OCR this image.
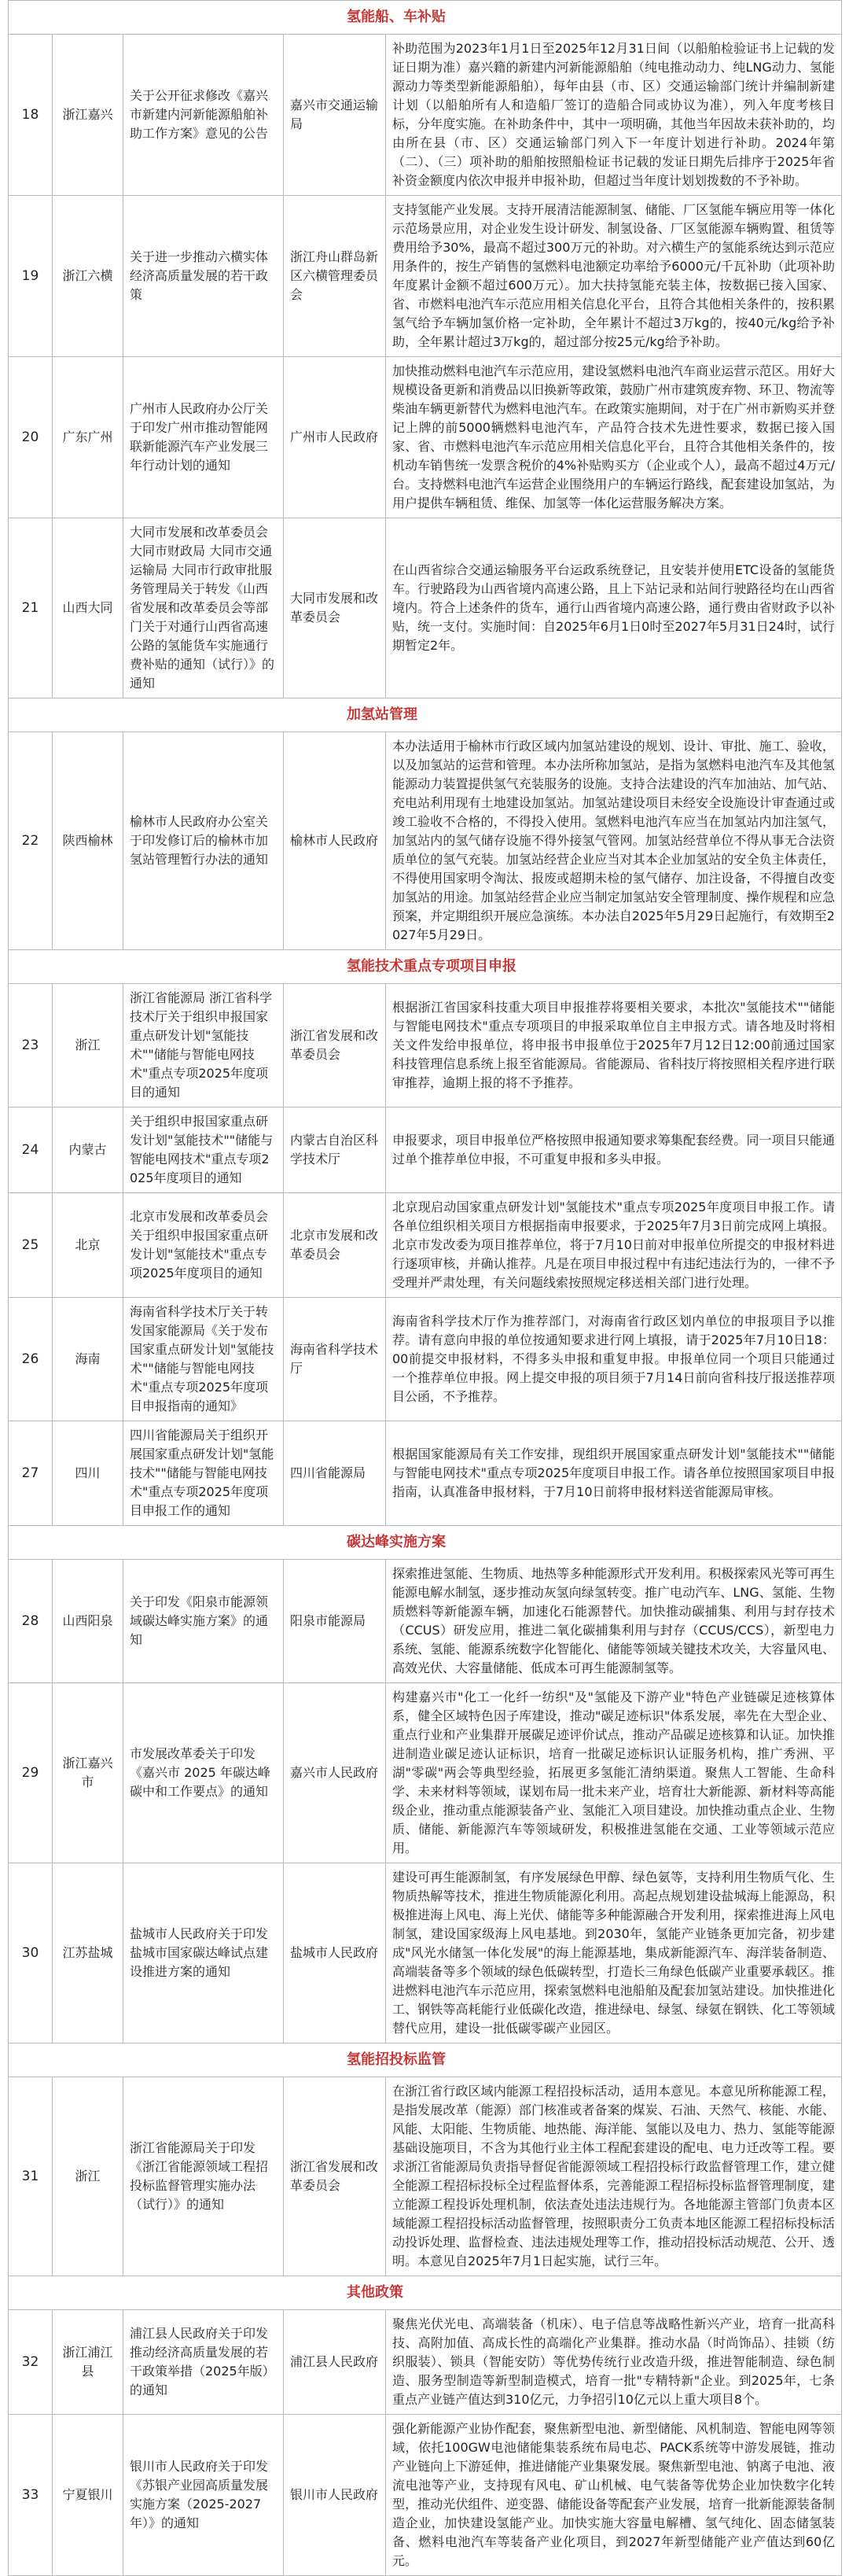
氢能船、车补贴				

18	浙江嘉兴	关于公开征求修改《嘉兴市新建内河新能源船舶补助工作方案》意见的公告	嘉兴市交通运输局	补助范围为2023年1月1日至2025年12月31日间（以船舶检验证书上记载的发证日期为准）嘉兴籍的新建内河新能源船舶（纯电推动动力、纯LNG动力、氢能源动力等类型新能源船舶），每年由县（市、区）交通运输部门统计并编制新建计划（以船舶所有人和造船厂签订的造船合同或协议为准），列入年度考核目标，分年度实施。在补助条件中，其中一项明确，其他当年因故未获补助的，均由所在县（市、区）交通运输部门列入下一年度计划进行补助。2024年第（二）、（三）项补助的船舶按照船检证书记载的发证日期先后排序于2025年省补资金额度内依次申报并申报补助，但超过当年度计划划拨数的不予补助。
19	浙江六横	关于进一步推动六横实体经济高质量发展的若干政策	浙江舟山群岛新区六横管理委员会	支持氢能产业发展。支持开展清洁能源制氢、储能、厂区氢能车辆应用等一体化示范场景应用，对企业发生设计研发、制氢设备、厂区氢能源车辆购置、租赁等费用给予30%，最高不超过300万元的补助。对六横生产的氢能系统达到示范应用条件的，按生产销售的氢燃料电池额定功率给予6000元/千瓦补助（此项补助年度累计金额不超过600万元）。加大扶持氢能充装主体，按数据已接入国家、省、市燃料电池汽车示范应用相关信息化平台，且符合其他相关条件的，按积累氢气给予车辆加氢价格一定补助，全年累计不超过3万kg的，按40元/kg给予补助，全年累计超过3万kg的，超过部分按25元/kg给予补助。
20	广东广州	广州市人民政府办公厅关于印发广州市推动智能网联新能源汽车产业发展三年行动计划的通知	广州市人民政府	加快推动燃料电池汽车示范应用，建设氢燃料电池汽车商业运营示范区。用好大规模设备更新和消费品以旧换新等政策，鼓励广州市建筑废弃物、环卫、物流等柴油车辆更新替代为燃料电池汽车。在政策实施期间，对于在广州市新购买并登记上牌的前5000辆燃料电池汽车，产品符合技术先进性要求，数据已接入国家、省、市燃料电池汽车示范应用相关信息化平台，且符合其他相关条件的，按机动车销售统一发票含税价的4%补贴购买方（企业或个人），最高不超过4万元/台。支持燃料电池汽车运营企业围绕用户的车辆运行路线，配套建设加氢站，为用户提供车辆租赁、维保、加氢等一体化运营服务解决方案。
21	山西大同	大同市发展和改革委员会 大同市财政局 大同市交通运输局 大同市行政审批服务管理局关于转发《山西省发展和改革委员会等部门关于对通行山西省高速公路的氢能货车实施通行费补贴的通知（试行）》的通知	大同市发展和改革委员会	在山西省综合交通运输服务平台运政系统登记，且安装并使用ETC设备的氢能货车。行驶路段为山西省境内高速公路，且上下站记录和站间行驶路径均在山西省境内。符合上述条件的货车，通行山西省境内高速公路，通行费由省财政予以补贴，统一支付。实施时间：自2025年6月1日0时至2027年5月31日24时，试行期暂定2年。

加氢站管理				

22	陕西榆林	榆林市人民政府办公室关于印发修订后的榆林市加氢站管理暂行办法的通知	榆林市人民政府	本办法适用于榆林市行政区域内加氢站建设的规划、设计、审批、施工、验收，以及加氢站的运营和管理。本办法所称加氢站，是指为氢燃料电池汽车及其他氢能源动力装置提供氢气充装服务的设施。支持合法建设的汽车加油站、加气站、充电站利用现有土地建设加氢站。加氢站建设项目未经安全设施设计审查通过或竣工验收不合格的，不得投入使用。氢燃料电池汽车应当在加氢站内加注氢气，加氢站内的氢气储存设施不得外接氢气管网。加氢站经营单位不得从事无合法资质单位的氢气充装。加氢站经营企业应当对其本企业加氢站的安全负主体责任，不得使用国家明令淘汰、报废或超期未检的氢气储存、加注设备，不得擅自改变加氢站的用途。加氢站经营企业应当制定加氢站安全管理制度、操作规程和应急预案，并定期组织开展应急演练。本办法自2025年5月29日起施行，有效期至2027年5月29日。

氢能技术重点专项项目申报				

23	浙江	浙江省能源局 浙江省科学技术厅关于组织申报国家重点研发计划"氢能技术""储能与智能电网技术"重点专项2025年度项目的通知	浙江省发展和改革委员会	根据浙江省国家科技重大项目申报推荐将要相关要求，本批次"氢能技术""储能与智能电网技术"重点专项项目的申报采取单位自主申报方式。请各地及时将相关文件发给申报单位，将申报书申报单位于2025年7月12日12:00前通过国家科技管理信息系统上报至省能源局。省能源局、省科技厅将按照相关程序进行联审推荐，逾期上报的将不予推荐。
24	内蒙古	关于组织申报国家重点研发计划"氢能技术""储能与智能电网技术"重点专项2025年度项目的通知	内蒙古自治区科学技术厅	申报要求，项目申报单位严格按照申报通知要求筹集配套经费。同一项目只能通过单个推荐单位申报，不可重复申报和多头申报。
25	北京	北京市发展和改革委员会关于组织申报国家重点研发计划"氢能技术"重点专项2025年度项目的通知	北京市发展和改革委员会	北京现启动国家重点研发计划"氢能技术"重点专项2025年度项目申报工作。请各单位组织相关项目方根据指南申报要求，于2025年7月3日前完成网上填报。北京市发改委为项目推荐单位，将于7月10日前对申报单位所提交的申报材料进行逐项审核，并确认推荐。凡是在项目申报过程中有违纪违法行为的，一律不予受理并严肃处理，有关问题线索按照规定移送相关部门进行处理。
26	海南	海南省科学技术厅关于转发国家能源局《关于发布国家重点研发计划"氢能技术""储能与智能电网技术"重点专项2025年度项目申报指南的通知》	海南省科学技术厅	海南省科学技术厅作为推荐部门，对海南省行政区划内单位的申报项目予以推荐。请有意向申报的单位按通知要求进行网上填报，请于2025年7月10日18：00前提交申报材料，不得多头申报和重复申报。申报单位同一个项目只能通过一个推荐单位申报。网上提交申报的项目须于7月14日前向省科技厅报送推荐项目公函，不予推荐。
27	四川	四川省能源局关于组织开展国家重点研发计划"氢能技术""储能与智能电网技术"重点专项2025年度项目申报工作的通知	四川省能源局	根据国家能源局有关工作安排，现组织开展国家重点研发计划"氢能技术""储能与智能电网技术"重点专项2025年度项目申报工作。请各单位按照国家项目申报指南，认真准备申报材料，于7月10日前将申报材料送省能源局审核。

碳达峰实施方案				

28	山西阳泉	关于印发《阳泉市能源领域碳达峰实施方案》的通知	阳泉市能源局	探索推进氢能、生物质、地热等多种能源形式开发利用。积极探索风光等可再生能源电解水制氢，逐步推动灰氢向绿氢转变。推广电动汽车、LNG、氢能、生物质燃料等新能源车辆，加速化石能源替代。加快推动碳捕集、利用与封存技术（CCUS）研发应用，推进二氧化碳捕集利用与封存（CCUS/CCS），新型电力系统、氢能、能源系统数字化智能化、储能等领域关键技术攻关，大容量风电、高效光伏、大容量储能、低成本可再生能源制氢等。
29	浙江嘉兴市	市发展改革委关于印发《嘉兴市 2025 年碳达峰碳中和工作要点》的通知	嘉兴市人民政府	构建嘉兴市"化工一化纤一纺织"及"氢能及下游产业"特色产业链碳足迹核算体系，健全区域特色因子库建设，推动"碳足迹标识"体系发展，率先在大型企业、重点行业和产业集群开展碳足迹评价试点，推动产品碳足迹核算和认证。加快推进制造业碳足迹认证标识，培育一批碳足迹标识认证服务机构，推广秀洲、平湖"零碳"两会等典型经验，拓展更多氢能汇清纳渠道。聚焦人工智能、生命科学、未来材料等领域，谋划布局一批未来产业，培育壮大新能源、新材料等高能级企业，推动重点能源装备产业、氢能汇入项目建设。加快推动重点企业、生物质、储能、新能源汽车等领域研发，积极推进氢能在交通、工业等领域示范应用。
30	江苏盐城	盐城市人民政府关于印发盐城市国家碳达峰试点建设推进方案的通知	盐城市人民政府	建设可再生能源制氢，有序发展绿色甲醇、绿色氨等，支持利用生物质气化、生物质热解等技术，推进生物质能源化利用。高起点规划建设盐城海上能源岛，积极推进海上风电、海上光伏、储能等多种能源融合开发利用，探索推进海上风电制氢，建设国家级海上风电基地。到2030年，氢能产业链条更加完备，初步建成"风光水储氢一体化发展"的海上能源基地，集成新能源汽车、海洋装备制造、高端装备等多个领域的绿色低碳转型，打造长三角绿色低碳产业重要承载区。推进燃料电池汽车示范应用，探索氢燃料电池船舶及配套加氢站建设。加快推进化工、钢铁等高耗能行业低碳化改造，推进绿电、绿氢、绿氨在钢铁、化工等领域替代应用，建设一批低碳零碳产业园区。

氢能招投标监管				

31	浙江	浙江省能源局关于印发《浙江省能源领域工程招投标监督管理实施办法（试行）》的通知	浙江省发展和改革委员会	在浙江省行政区域内能源工程招投标活动，适用本意见。本意见所称能源工程，是指发展改革（能源）部门核准或者备案的煤炭、石油、天然气、核能、水能、风能、太阳能、生物质能、地热能、海洋能、氢能以及电力、热力、氢能等能源基础设施项目，不含为其他行业主体工程配套建设的配电、电力迁改等工程。要求浙江省能源局负责指导督促省能源领域工程招投标行政监督管理工作，建立健全能源工程招标投标全过程监督体系，完善能源工程招标投标监督管理制度，建立能源工程投诉处理机制，依法查处违法违规行为。各地能源主管部门负责本区域能源工程招投标活动监督管理，按照职责分工负责本地区能源工程招标投标活动投诉处理、监督检查、违法违规处理等工作，推动招投标活动规范、公开、透明。本意见自2025年7月1日起实施，试行三年。

其他政策				

32	浙江浦江县	浦江县人民政府关于印发推动经济高质量发展的若干政策举措（2025年版）的通知	浦江县人民政府	聚焦光伏光电、高端装备（机床）、电子信息等战略性新兴产业，培育一批高科技、高附加值、高成长性的高端化产业集群。推动水晶（时尚饰品）、挂锁（纺织服装）、锁具（智能安防）等优势传统行业改造升级，推进智能制造、绿色制造、服务型制造等新型制造模式，培育一批"专精特新"企业。到2025年，七条重点产业链产值达到310亿元，力争招引10亿元以上重大项目8个。
33	宁夏银川	银川市人民政府关于印发《苏银产业园高质量发展实施方案（2025-2027年）》的通知	银川市人民政府	强化新能源产业协作配套，聚焦新型电池、新型储能、风机制造、智能电网等领域，依托100GW电池储能集装系统布局电芯、PACK系统等中游发展链，推动产业链向上下游延伸，推进储能产业集聚发展。聚焦新型电池、钠离子电池、液流电池等产业，支持现有风电、矿山机械、电气装备等优势企业加快数字化转型，推动光伏组件、逆变器、储能设备等配套产业发展，培育一批新能源装备制造企业，加快建设氢能产业。加快实施大容量电解槽、氢气纯化、固态储氢装备、燃料电池汽车等装备产业化项目，到2027年新型储能产业产值达到60亿元。
